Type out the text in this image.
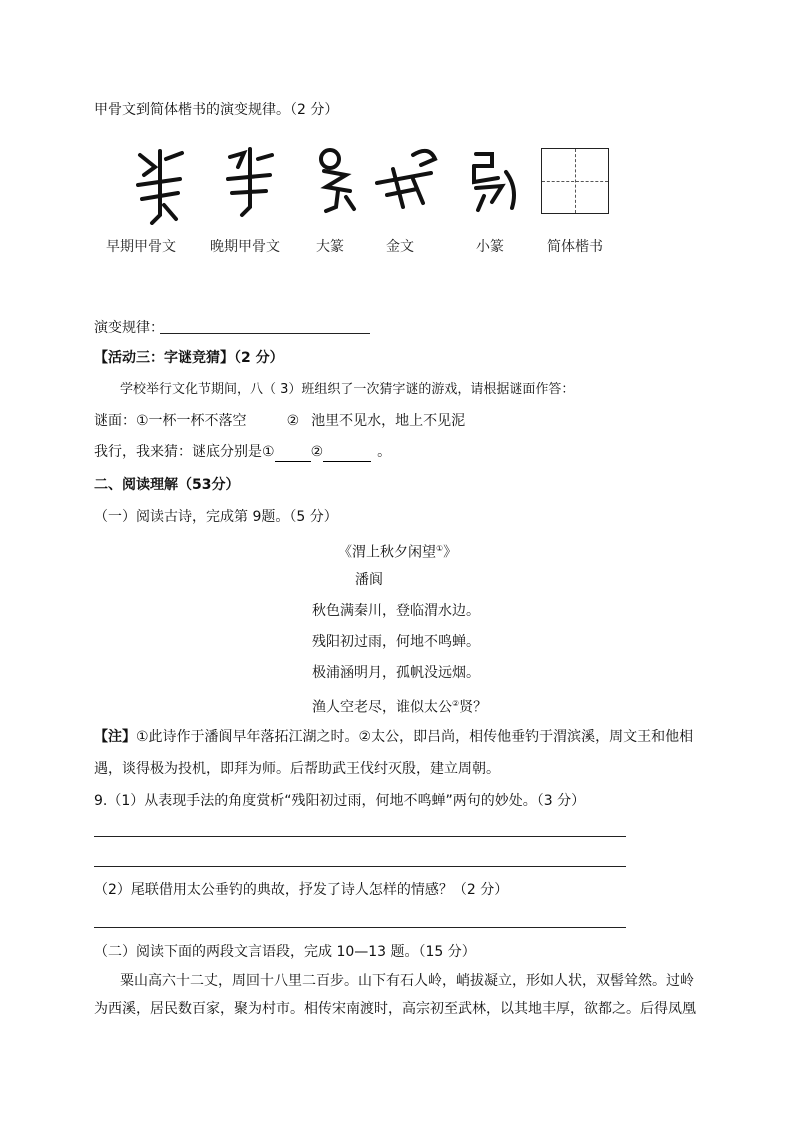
甲骨文到简体楷书的演变规律。（2 分）
早期甲骨文 晚期甲骨文	大篆	金文	小篆	简体楷书
演变规律：
【活动三：字谜竞猜】（2 分）
学校举行文化节期间，八（ 3）班组织了一次猜字谜的游戏，请根据谜面作答：
谜面：①一杯一杯不落空	② 池里不见水，地上不见泥
我行，我来猜：谜底分别是①	②	。
二、阅读理解（53分）
（一）阅读古诗，完成第 9题。（5 分）
《渭上秋夕闲望①》
潘阆
秋色满秦川，登临渭水边。
残阳初过雨，何地不鸣蝉。
极浦涵明月，孤帆没远烟。
渔人空老尽，谁似太公②贤？
【注】①此诗作于潘阆早年落拓江湖之时。②太公，即吕尚，相传他垂钓于渭滨溪，周文王和他相
遇，谈得极为投机，即拜为师。后帮助武王伐纣灭殷，建立周朝。
9.（1）从表现手法的角度赏析“残阳初过雨，何地不鸣蝉”两句的妙处。（3 分）
（2）尾联借用太公垂钓的典故，抒发了诗人怎样的情感？（2 分）
（二）阅读下面的两段文言语段，完成 10—13 题。（15 分）
粟山高六十二丈，周回十八里二百步。山下有石人岭，峭拔凝立，形如人状，双髻耸然。过岭
为西溪，居民数百家，聚为村市。相传宋南渡时，高宗初至武林，以其地丰厚，欲都之。后得凤凰
